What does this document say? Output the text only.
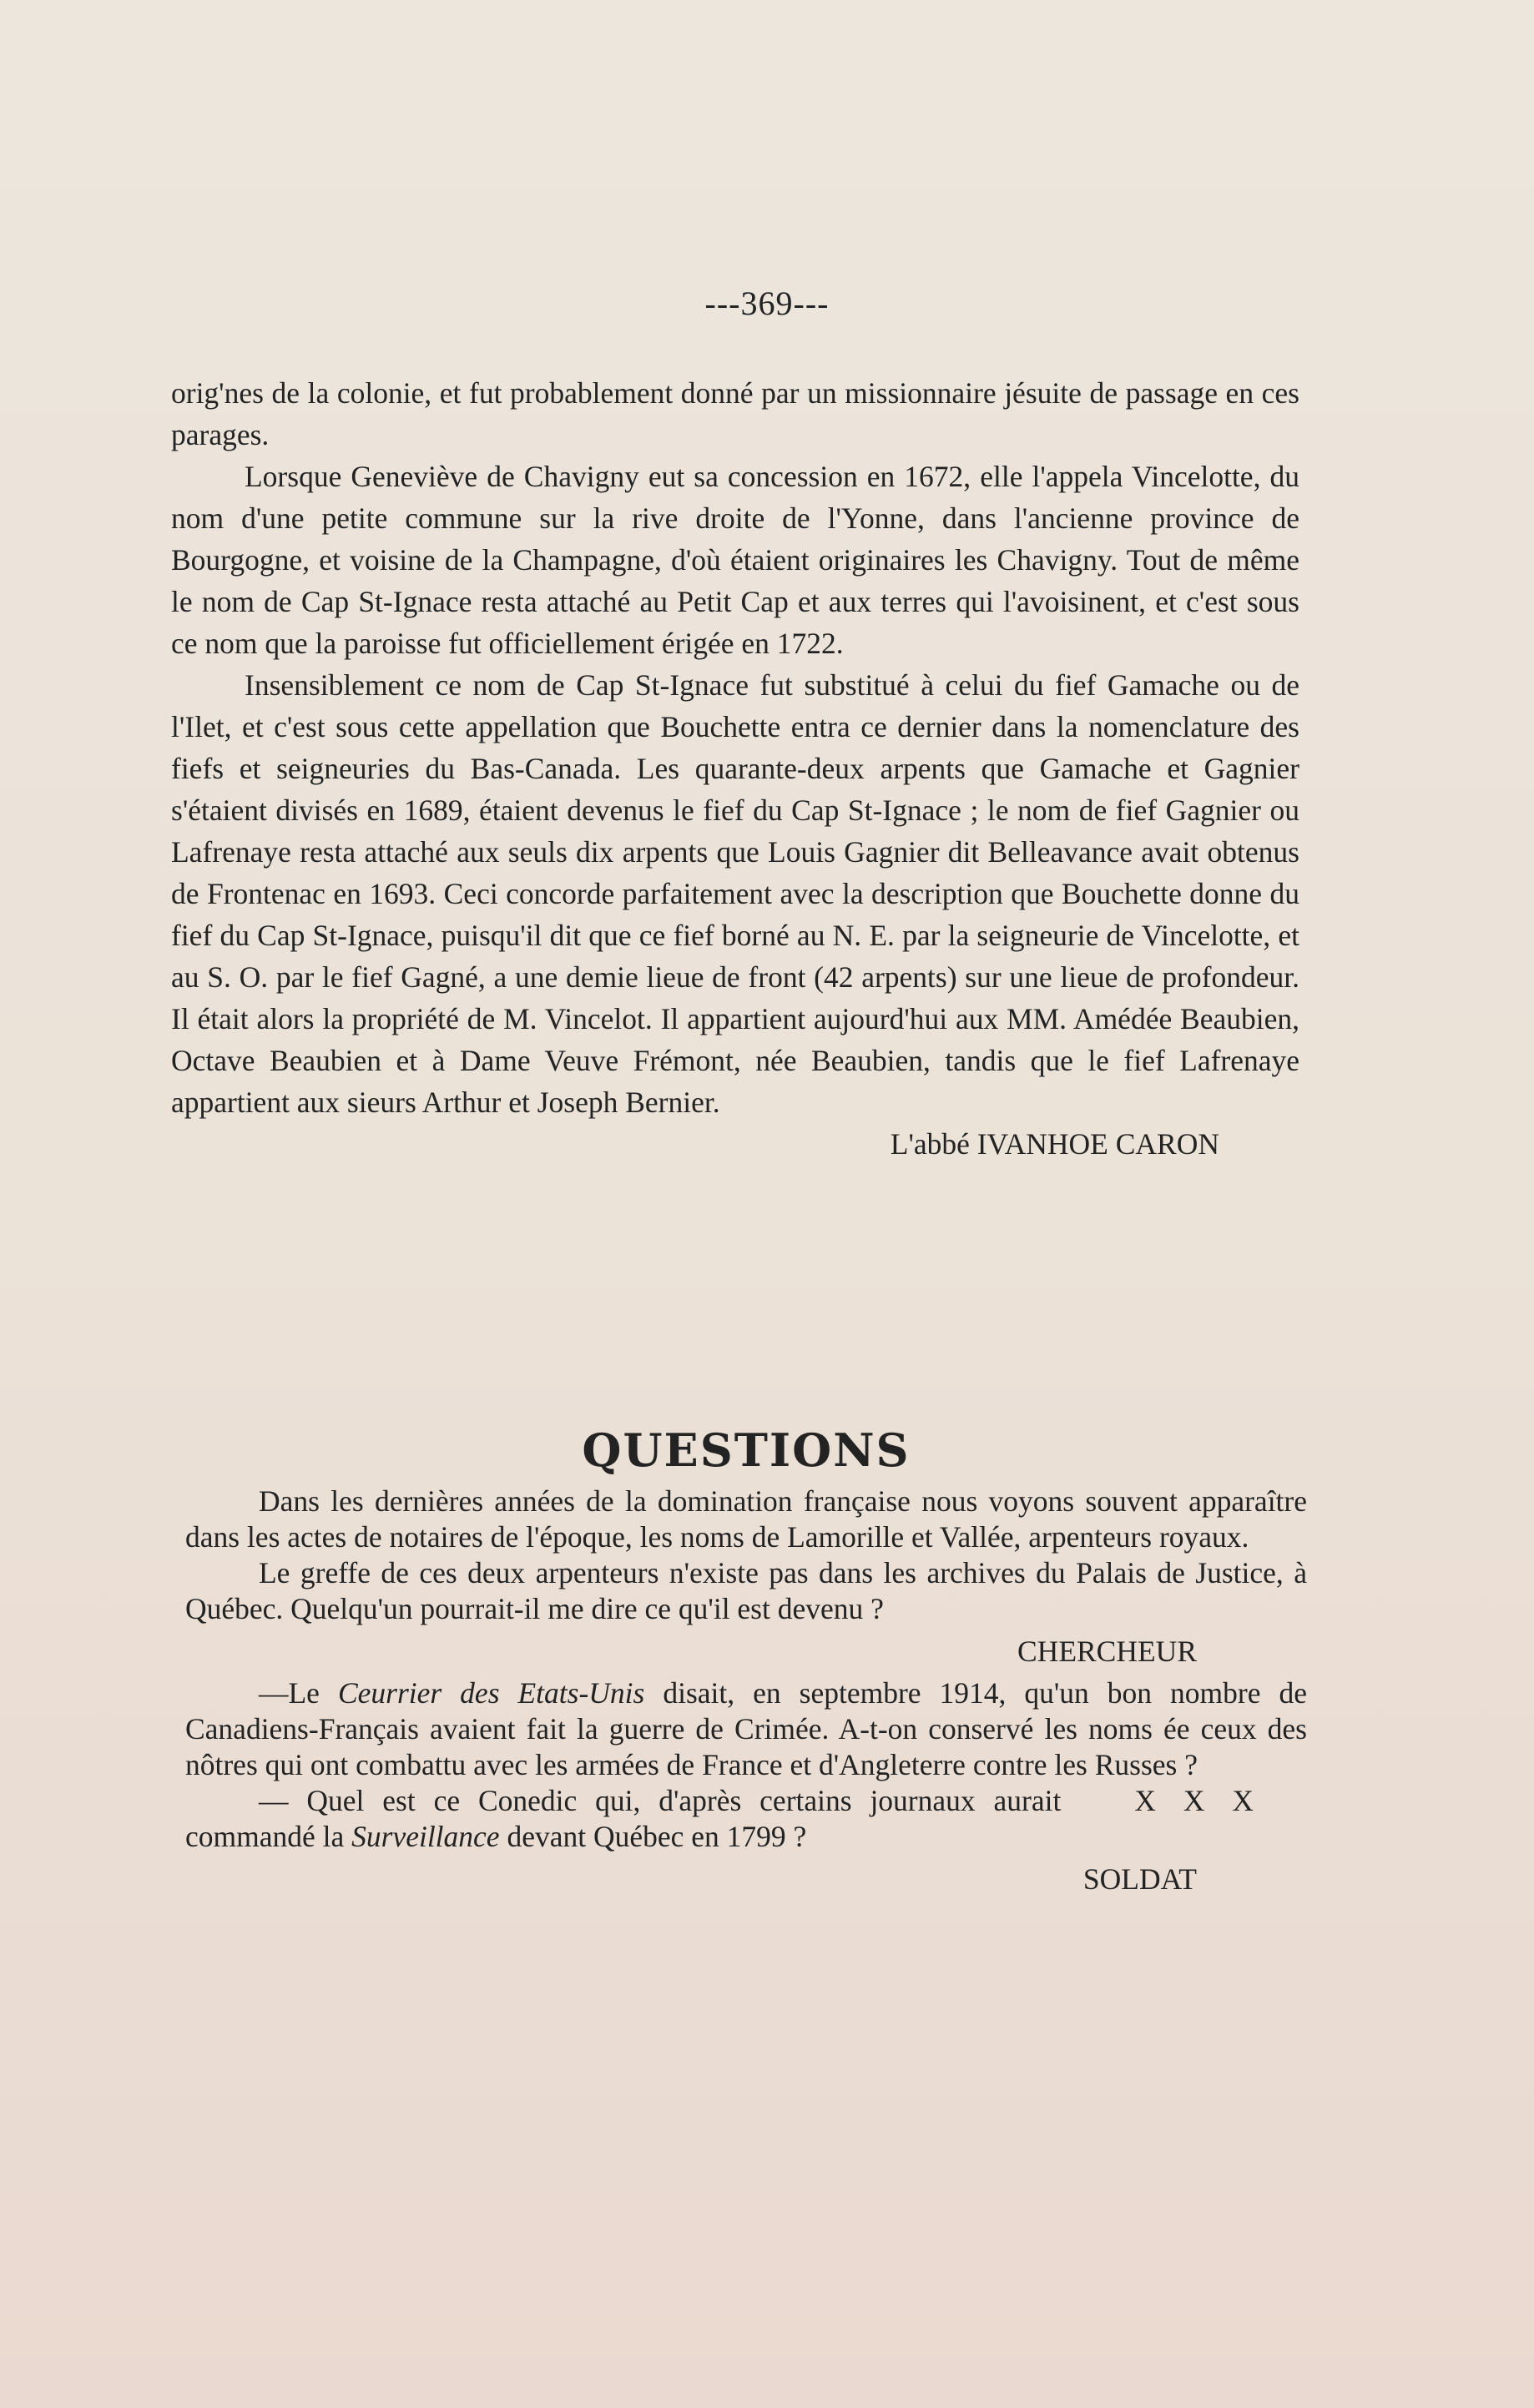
---369---

orig'nes de la colonie, et fut probablement donné par un missionnaire jésuite de passage en ces parages.

Lorsque Geneviève de Chavigny eut sa concession en 1672, elle l'appela Vincelotte, du nom d'une petite commune sur la rive droite de l'Yonne, dans l'ancienne province de Bourgogne, et voisine de la Champagne, d'où étaient originaires les Chavigny. Tout de même le nom de Cap St-Ignace resta attaché au Petit Cap et aux terres qui l'avoisinent, et c'est sous ce nom que la paroisse fut officiellement érigée en 1722.

Insensiblement ce nom de Cap St-Ignace fut substitué à celui du fief Gamache ou de l'Ilet, et c'est sous cette appellation que Bouchette entra ce dernier dans la nomenclature des fiefs et seigneuries du Bas-Canada. Les quarante-deux arpents que Gamache et Gagnier s'étaient divisés en 1689, étaient devenus le fief du Cap St-Ignace ; le nom de fief Gagnier ou Lafrenaye resta attaché aux seuls dix arpents que Louis Gagnier dit Belleavance avait obtenus de Frontenac en 1693. Ceci concorde parfaitement avec la description que Bouchette donne du fief du Cap St-Ignace, puisqu'il dit que ce fief borné au N. E. par la seigneurie de Vincelotte, et au S. O. par le fief Gagné, a une demie lieue de front (42 arpents) sur une lieue de profondeur. Il était alors la propriété de M. Vincelot. Il appartient aujourd'hui aux MM. Amédée Beaubien, Octave Beaubien et à Dame Veuve Frémont, née Beaubien, tandis que le fief Lafrenaye appartient aux sieurs Arthur et Joseph Bernier.

L'abbé IVANHOE CARON
QUESTIONS

Dans les dernières années de la domination française nous voyons souvent apparaître dans les actes de notaires de l'époque, les noms de Lamorille et Vallée, arpenteurs royaux.

Le greffe de ces deux arpenteurs n'existe pas dans les archives du Palais de Justice, à Québec. Quelqu'un pourrait-il me dire ce qu'il est devenu ?

CHERCHEUR

—Le Ceurrier des Etats-Unis disait, en septembre 1914, qu'un bon nombre de Canadiens-Français avaient fait la guerre de Crimée. A-t-on conservé les noms ée ceux des nôtres qui ont combattu avec les armées de France et d'Angleterre contre les Russes ?
X X X

— Quel est ce Conedic qui, d'après certains journaux aurait commandé la Surveillance devant Québec en 1799 ?

SOLDAT
